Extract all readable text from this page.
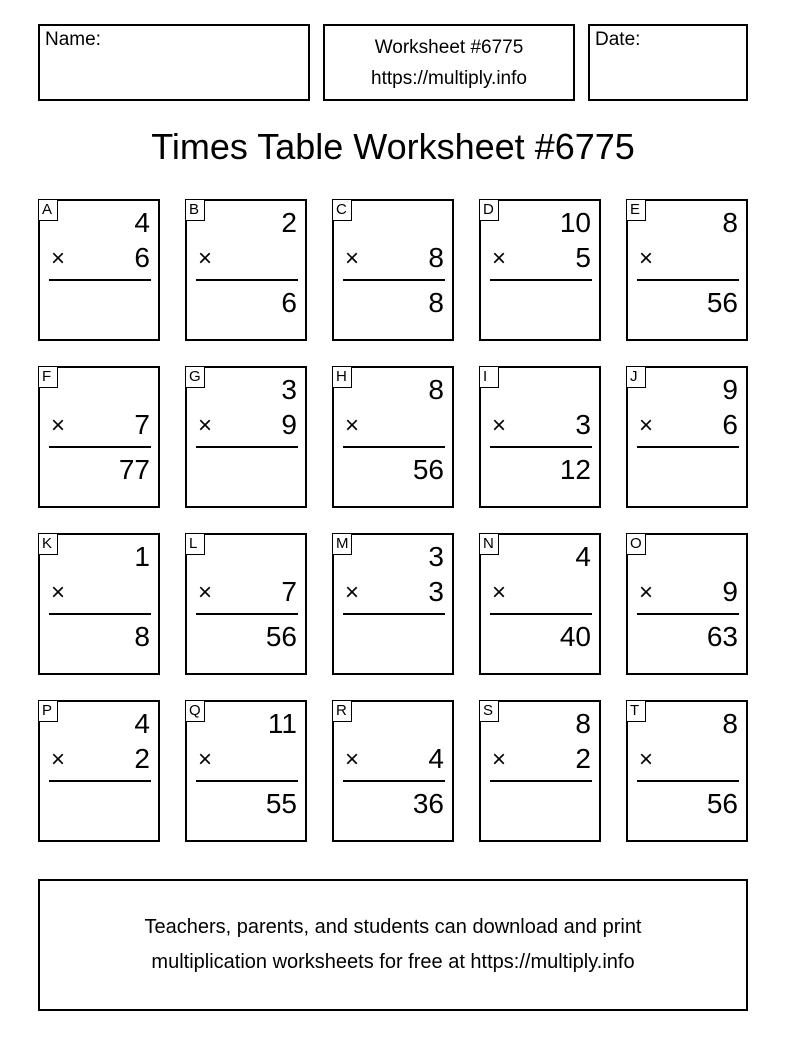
Name:	Worksheet #6775
https://multiply.info
Date:
Times Table Worksheet #6775
A	4
× 6
B	2
×
6
C
× 8
8
D 10
× 5
E	8
×
56
F
× 7
77
G	3
× 9
H	8
×
56
I
× 3
12
J	9
× 6
K	1
×
8
L
× 7
56
M	3
× 3
N	4
×
40
O
× 9
63
P	4
× 2
Q 11
×
55
R
× 4
36
S	8
× 2
T	8
×
56
Teachers, parents, and students can download and print
multiplication worksheets for free at https://multiply.info
